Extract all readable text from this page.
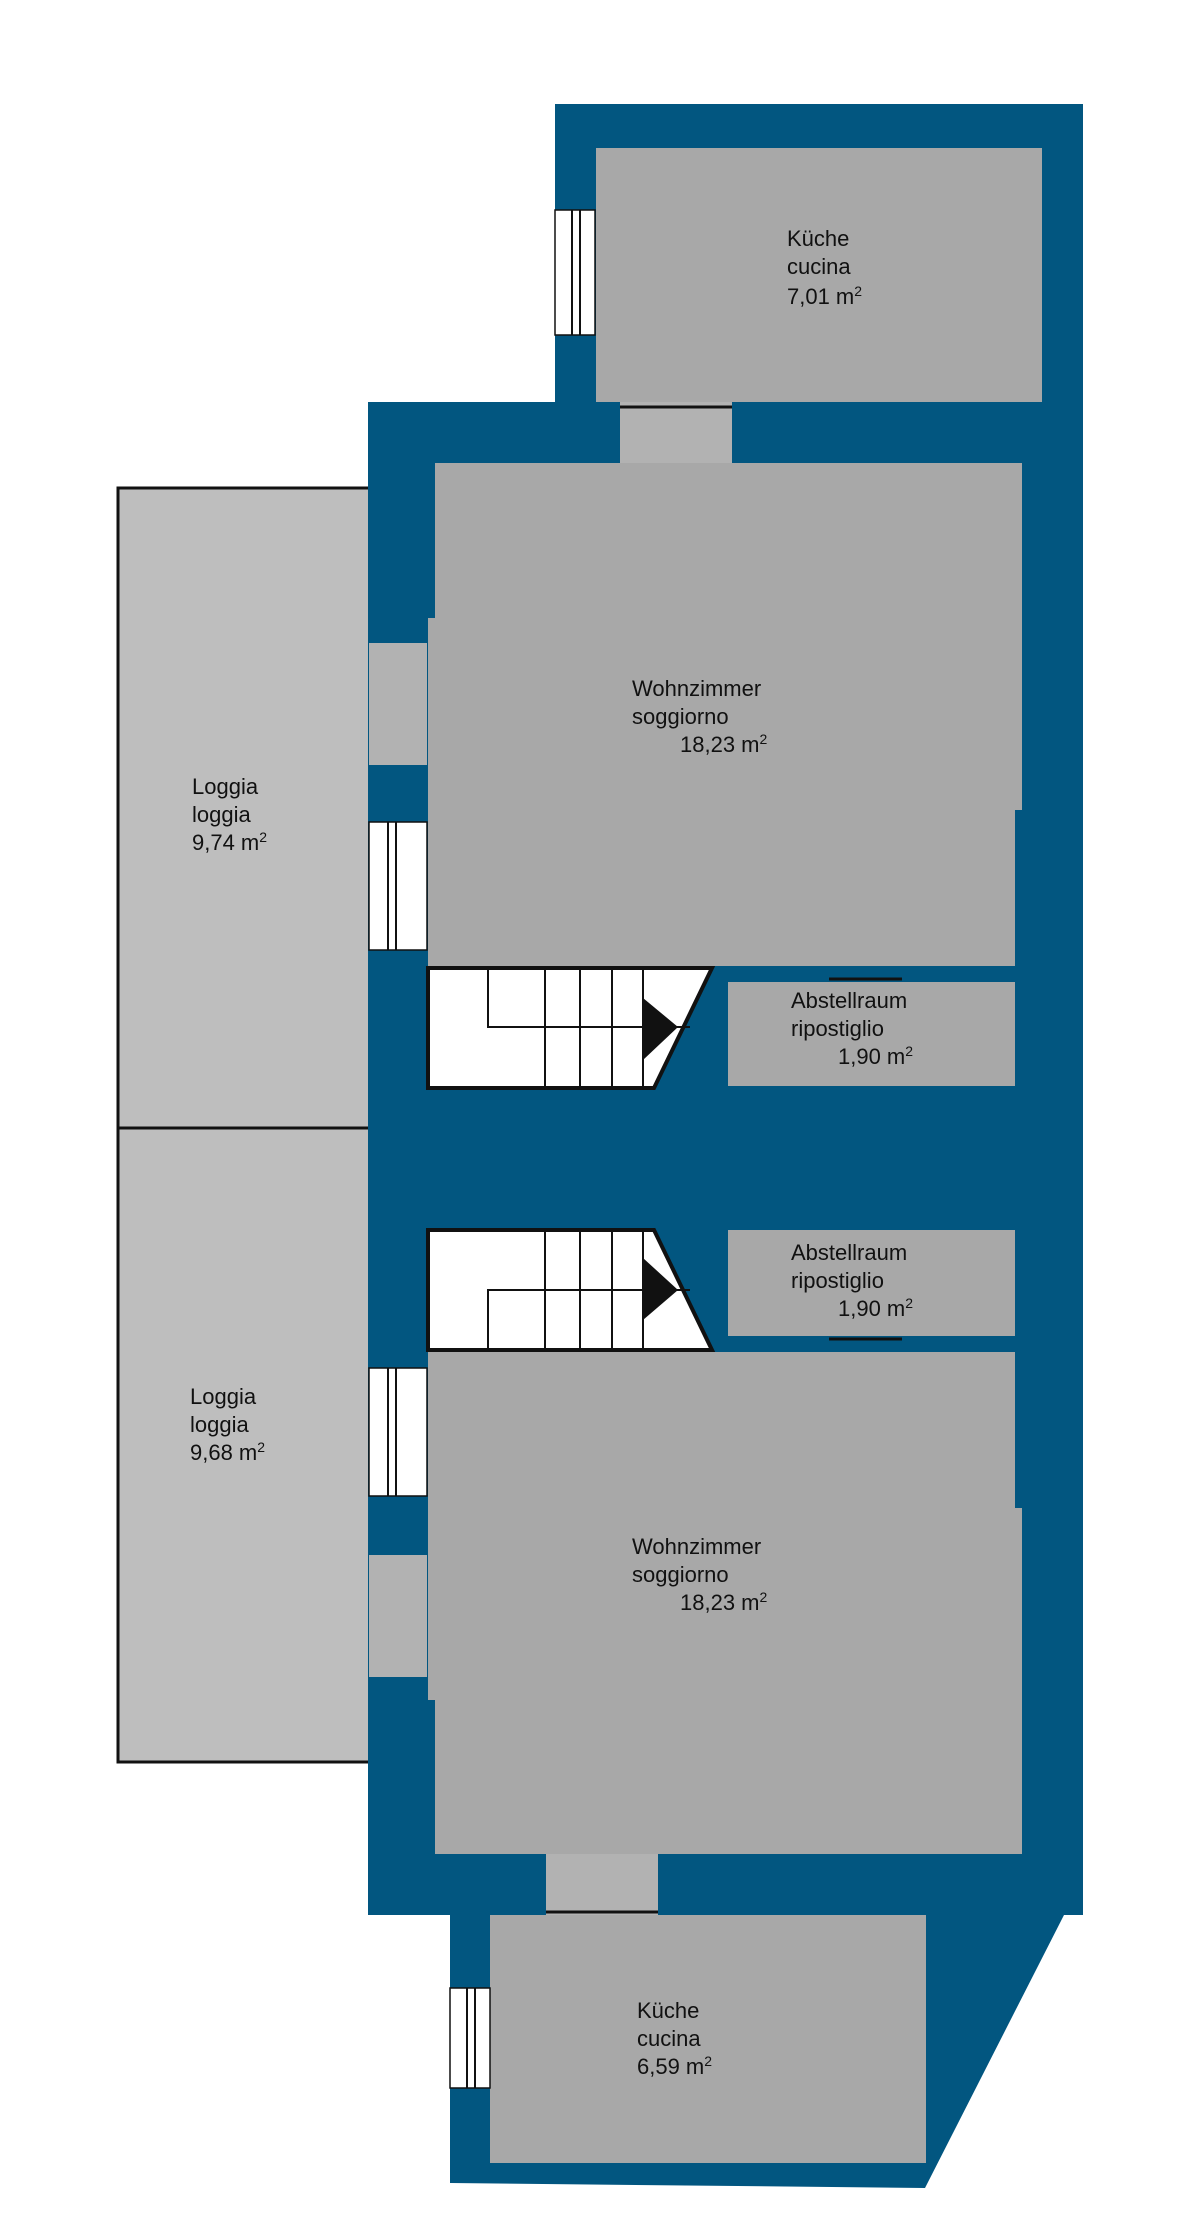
Küche
cucina
7,01 $m^2$
Wohnzimmer
soggiorno
18,23 $m^2$
Loggia
loggia
9,74 $m^2$
Abstellraum
ripostiglio
1,90 $m^2$
Abstellraum
ripostiglio
1,90 $m^2$
Loggia
loggia
9,68 $m^2$
Wohnzimmer
soggiorno
18,23 $m^2$
Küche
cucina
6,59 $m^2$
